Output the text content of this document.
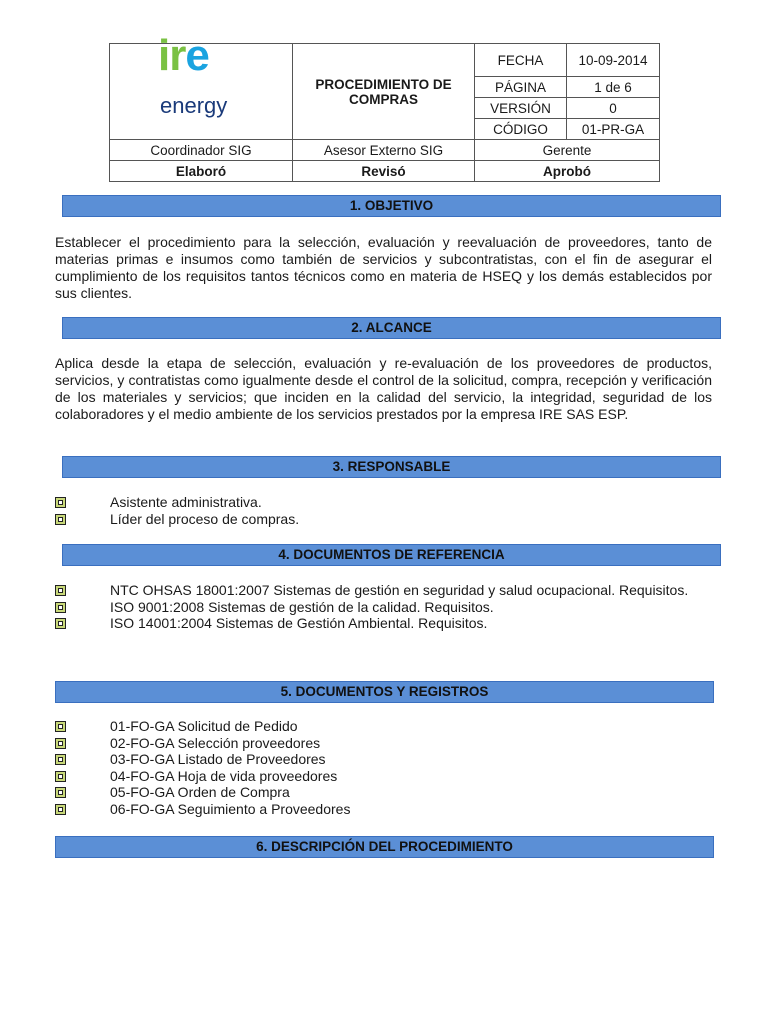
ire
energy	PROCEDIMIENTO DE COMPRAS	FECHA	10-09-2014
		PÁGINA	1 de 6
		VERSIÓN	0
		CÓDIGO	01-PR-GA
Coordinador SIG	Asesor Externo SIG	Gerente	
Elaboró	Revisó	Aprobó	
1. OBJETIVO

Establecer el procedimiento para la selección, evaluación y reevaluación de proveedores, tanto de materias primas e insumos como también de servicios y subcontratistas, con el fin de asegurar el cumplimiento de los requisitos tantos técnicos como en materia de HSEQ y los demás establecidos por sus clientes.

2. ALCANCE

Aplica desde la etapa de selección, evaluación y re-evaluación de los proveedores de productos, servicios, y contratistas como igualmente desde el control de la solicitud, compra, recepción y verificación de los materiales y servicios; que inciden en la calidad del servicio, la integridad, seguridad de los colaboradores y el medio ambiente de los servicios prestados por la empresa IRE SAS ESP.

3. RESPONSABLE
Asistente administrativa.
Líder del proceso de compras.
4. DOCUMENTOS DE REFERENCIA
NTC OHSAS 18001:2007 Sistemas de gestión en seguridad y salud ocupacional. Requisitos.
ISO 9001:2008 Sistemas de gestión de la calidad. Requisitos.
ISO 14001:2004 Sistemas de Gestión Ambiental. Requisitos.
5. DOCUMENTOS Y REGISTROS
01-FO-GA Solicitud de Pedido
02-FO-GA Selección proveedores
03-FO-GA Listado de Proveedores
04-FO-GA Hoja de vida proveedores
05-FO-GA Orden de Compra
06-FO-GA Seguimiento a Proveedores
6. DESCRIPCIÓN DEL PROCEDIMIENTO
